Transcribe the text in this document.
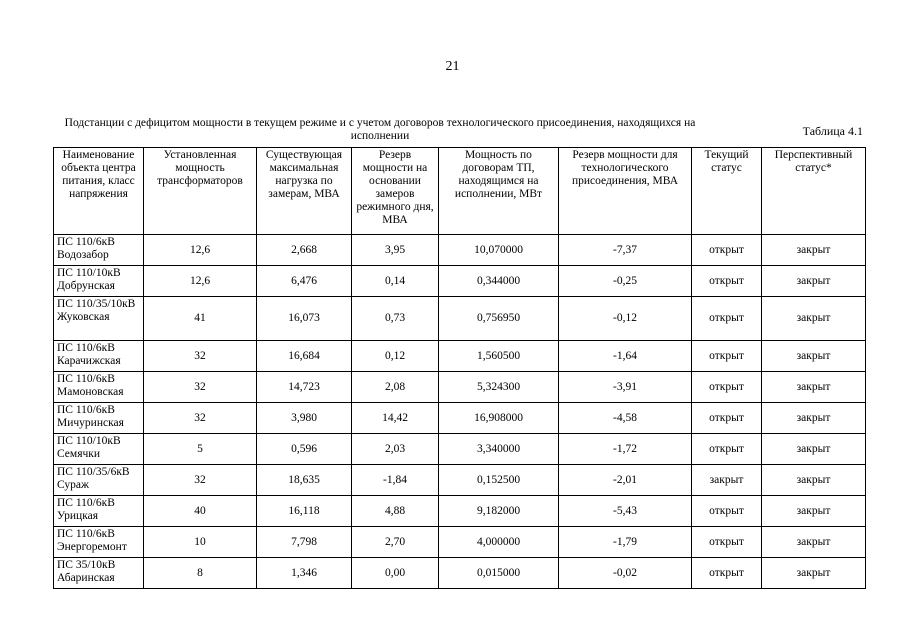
21
Подстанции с дефицитом мощности в текущем режиме и с учетом договоров технологического присоединения, находящихся на исполнении	Таблица 4.1
Наименование объекта центра питания, класс напряжения	Установленная мощность трансформаторов	Существующая максимальная нагрузка по замерам, МВА	Резерв мощности на основании замеров режимного дня, МВА	Мощность по договорам ТП, находящимся на исполнении, МВт	Резерв мощности для технологического присоединения, МВА	Текущий статус	Перспективный статус*
ПС 110/6кВ Водозабор	12,6	2,668	3,95	10,070000	-7,37	открыт	закрыт
ПС 110/10кВ Добрунская	12,6	6,476	0,14	0,344000	-0,25	открыт	закрыт
ПС 110/35/10кВ Жуковская	41	16,073	0,73	0,756950	-0,12	открыт	закрыт
ПС 110/6кВ Карачижская	32	16,684	0,12	1,560500	-1,64	открыт	закрыт
ПС 110/6кВ Мамоновская	32	14,723	2,08	5,324300	-3,91	открыт	закрыт
ПС 110/6кВ Мичуринская	32	3,980	14,42	16,908000	-4,58	открыт	закрыт
ПС 110/10кВ Семячки	5	0,596	2,03	3,340000	-1,72	открыт	закрыт
ПС 110/35/6кВ Сураж	32	18,635	-1,84	0,152500	-2,01	закрыт	закрыт
ПС 110/6кВ Урицкая	40	16,118	4,88	9,182000	-5,43	открыт	закрыт
ПС 110/6кВ Энергоремонт	10	7,798	2,70	4,000000	-1,79	открыт	закрыт
ПС 35/10кВ Абаринская	8	1,346	0,00	0,015000	-0,02	открыт	закрыт
